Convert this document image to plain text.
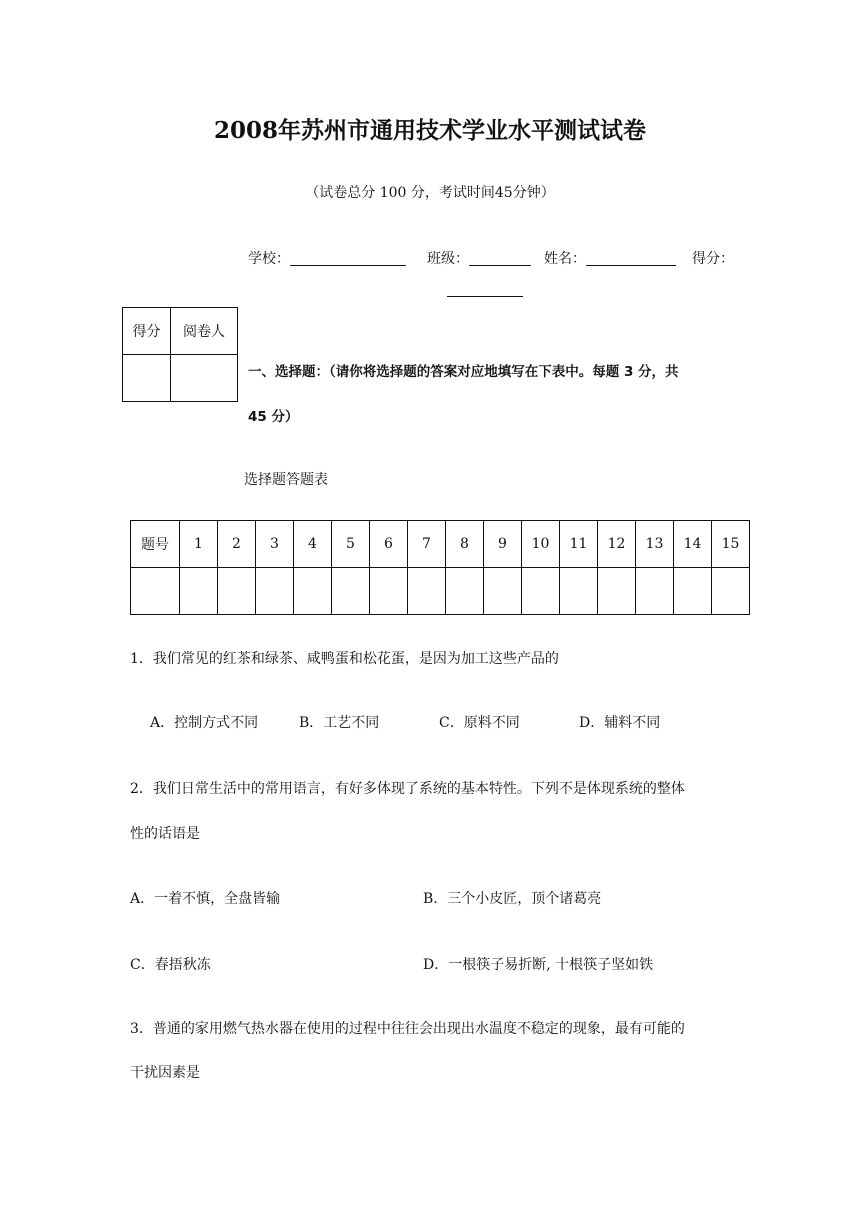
2008年苏州市通用技术学业水平测试试卷
（试卷总分 100 分，考试时间45分钟）
学校：	班级：	姓名：	得分：
得分	阅卷人

一、选择题：（请你将选择题的答案对应地填写在下表中。每题 3 分，共
45 分）
选择题答题表
题号	1	2	3	4	5	6	7	8	9	10	11	12	13	14	15

1．我们常见的红茶和绿茶、咸鸭蛋和松花蛋，是因为加工这些产品的
A．控制方式不同	B．工艺不同	C．原料不同	D．辅料不同
2．我们日常生活中的常用语言，有好多体现了系统的基本特性。下列不是体现系统的整体
性的话语是
A．一着不慎，全盘皆输	B．三个小皮匠，顶个诸葛亮
C．春捂秋冻	D．一根筷子易折断, 十根筷子坚如铁
3．普通的家用燃气热水器在使用的过程中往往会出现出水温度不稳定的现象，最有可能的
干扰因素是
